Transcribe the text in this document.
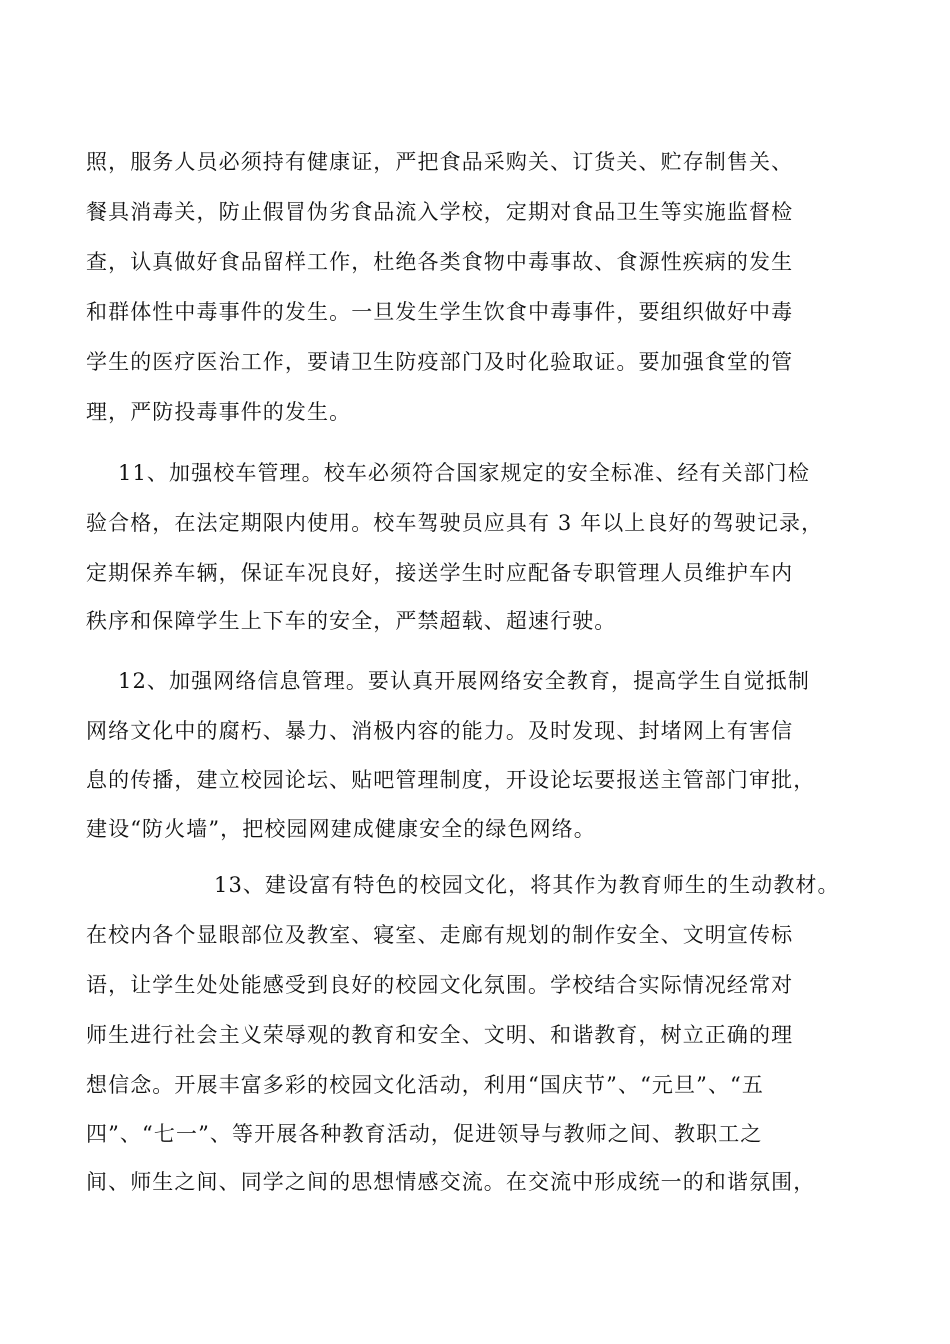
照，服务人员必须持有健康证，严把食品采购关、订货关、贮存制售关、
餐具消毒关，防止假冒伪劣食品流入学校，定期对食品卫生等实施监督检
查，认真做好食品留样工作，杜绝各类食物中毒事故、食源性疾病的发生
和群体性中毒事件的发生。一旦发生学生饮食中毒事件，要组织做好中毒
学生的医疗医治工作，要请卫生防疫部门及时化验取证。要加强食堂的管
理，严防投毒事件的发生。
11、加强校车管理。校车必须符合国家规定的安全标准、经有关部门检
验合格，在法定期限内使用。校车驾驶员应具有 3 年以上良好的驾驶记录，
定期保养车辆，保证车况良好，接送学生时应配备专职管理人员维护车内
秩序和保障学生上下车的安全，严禁超载、超速行驶。
12、加强网络信息管理。要认真开展网络安全教育，提高学生自觉抵制
网络文化中的腐朽、暴力、消极内容的能力。及时发现、封堵网上有害信
息的传播，建立校园论坛、贴吧管理制度，开设论坛要报送主管部门审批，
建设“防火墙”，把校园网建成健康安全的绿色网络。
13、建设富有特色的校园文化，将其作为教育师生的生动教材。
在校内各个显眼部位及教室、寝室、走廊有规划的制作安全、文明宣传标
语，让学生处处能感受到良好的校园文化氛围。学校结合实际情况经常对
师生进行社会主义荣辱观的教育和安全、文明、和谐教育，树立正确的理
想信念。开展丰富多彩的校园文化活动，利用“国庆节”、“元旦”、“五
四”、“七一”、等开展各种教育活动，促进领导与教师之间、教职工之
间、师生之间、同学之间的思想情感交流。在交流中形成统一的和谐氛围，
